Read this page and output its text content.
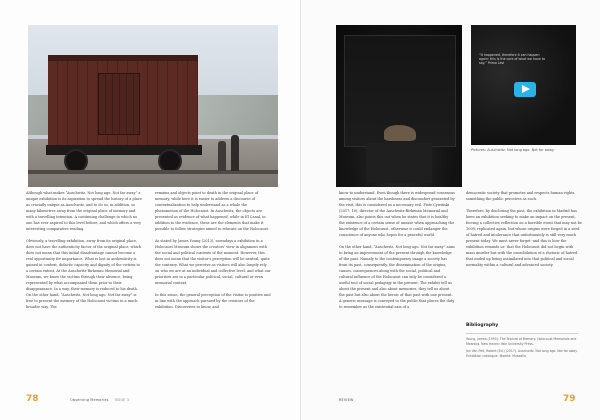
Although what makes “Auschwitz. Not long ago. Not far away” a unique exhibition is its aspiration to spread the history of a place as crucially unique as Auschwitz, and to do so, in addition, so many kilometres away from the original place of memory and with a travelling intention. A continuing challenge to which no one has ever aspired to this level before, and which offers a very interesting comparative reading.

Obviously, a travelling exhibition, away from its original place, does not have the authenticity factor of the original place, which does not mean that this initial disadvantage cannot become a real opportunity for importance. What is lost in authenticity is gained in context, didactic capacity and dignity of the victims to a certain extent. At the Auschwitz-Birkenau Memorial and Museum, we know the victims through their absence, being represented by what accompanied them prior to their disappearance. In a way, their memory is reduced to his death. On the other hand, “Auschwitz. Not long ago. Not far away” is free to present the memory of the Holocaust victims in a much broader way. The

remains and objects point to death in the original place of memory, while here it is easier to address a discourse of contextualization to help understand as a whole the phenomenon of the Holocaust. In Auschwitz, the objects are presented as evidence of what happened, while in El Canal, in addition to the evidence, these are the elements that make it possible to follow strategies aimed to educate on the Holocaust.

As stated by James Young (2013), nowadays a exhibition in a Holocaust Museum shows the creators’ view in alignment with the social and political contexts of the moment. However, this does not mean that the visitor’s perception will be neutral, quite the contrary. What we perceive as visitors will also largely rely on who we are at an individual and collective level, and what our priorities are in a particular political, social, cultural or even memorial context.

In this sense, the general perception of the visitor is positive and in line with the approach pursued by the creators of the exhibition. Discoveries to know, and

78	Observing Memories ISSUE 3
“It happened, therefore it can happen again: this is the core of what we have to say.” Primo Levi
Pictures: Auschwitz. Not long ago. Not far away.

know to understand. Even though there is widespread consensus among visitors about the harshness and discomfort generated by the visit, this is considered as a necessary evil. Piotr Cywiński (2017: 10), director of the Auschwitz-Birkenau Memorial and Museum, also points this out when he states that it is healthy the existence of a certain sense of unease when approaching the knowledge of the Holocaust, otherwise it could endanger the conscience of anyone who hopes for a peaceful world.

On the other hand, “Auschwitz. Not long ago. Not far away” aims to bring an improvement of the present through the knowledge of the past. Namely to the contemporary image a society has from its past, consequently, the dissemination of the origins, causes, consequences along with the social, political and cultural influence of the Holocaust can only be considered a useful tool of social pedagogy in the present. The exhibit tell us about the present and also about memories, they tell us about the past but also about the heroic of that past with one present. A generic message is conveyed to the public that places the duty to remember as the existential axis of a

democratic society that promotes and respects human rights, something the public perceives as such.

Therefore, by disclosing the past, the exhibition in Madrid has been an exhibition seeking to make an impact on the present, forcing a collective reflection on a horrible event that may not be 100% replicated again, but whose origins were forged in a seed of hatred and intolerance that unfortunately is still very much present today. We must never forget -and this is how the exhibition reminds us- that the Holocaust did not begin with mass murder but with the consolidation of a rhetoric of hatred that ended up being assimilated into that political and social normality within a cultural and advanced society.

Bibliography
Young, James (1993). The Texture of Memory: Holocaust Memorials and Meaning. New Haven: Yale University Press.
Jan Van Pelt, Robert (Ed.) (2017). Auschwitz. Not long ago. Not far away. Exhibition catalogue. Madrid: Musealia.
REVIEW	79
